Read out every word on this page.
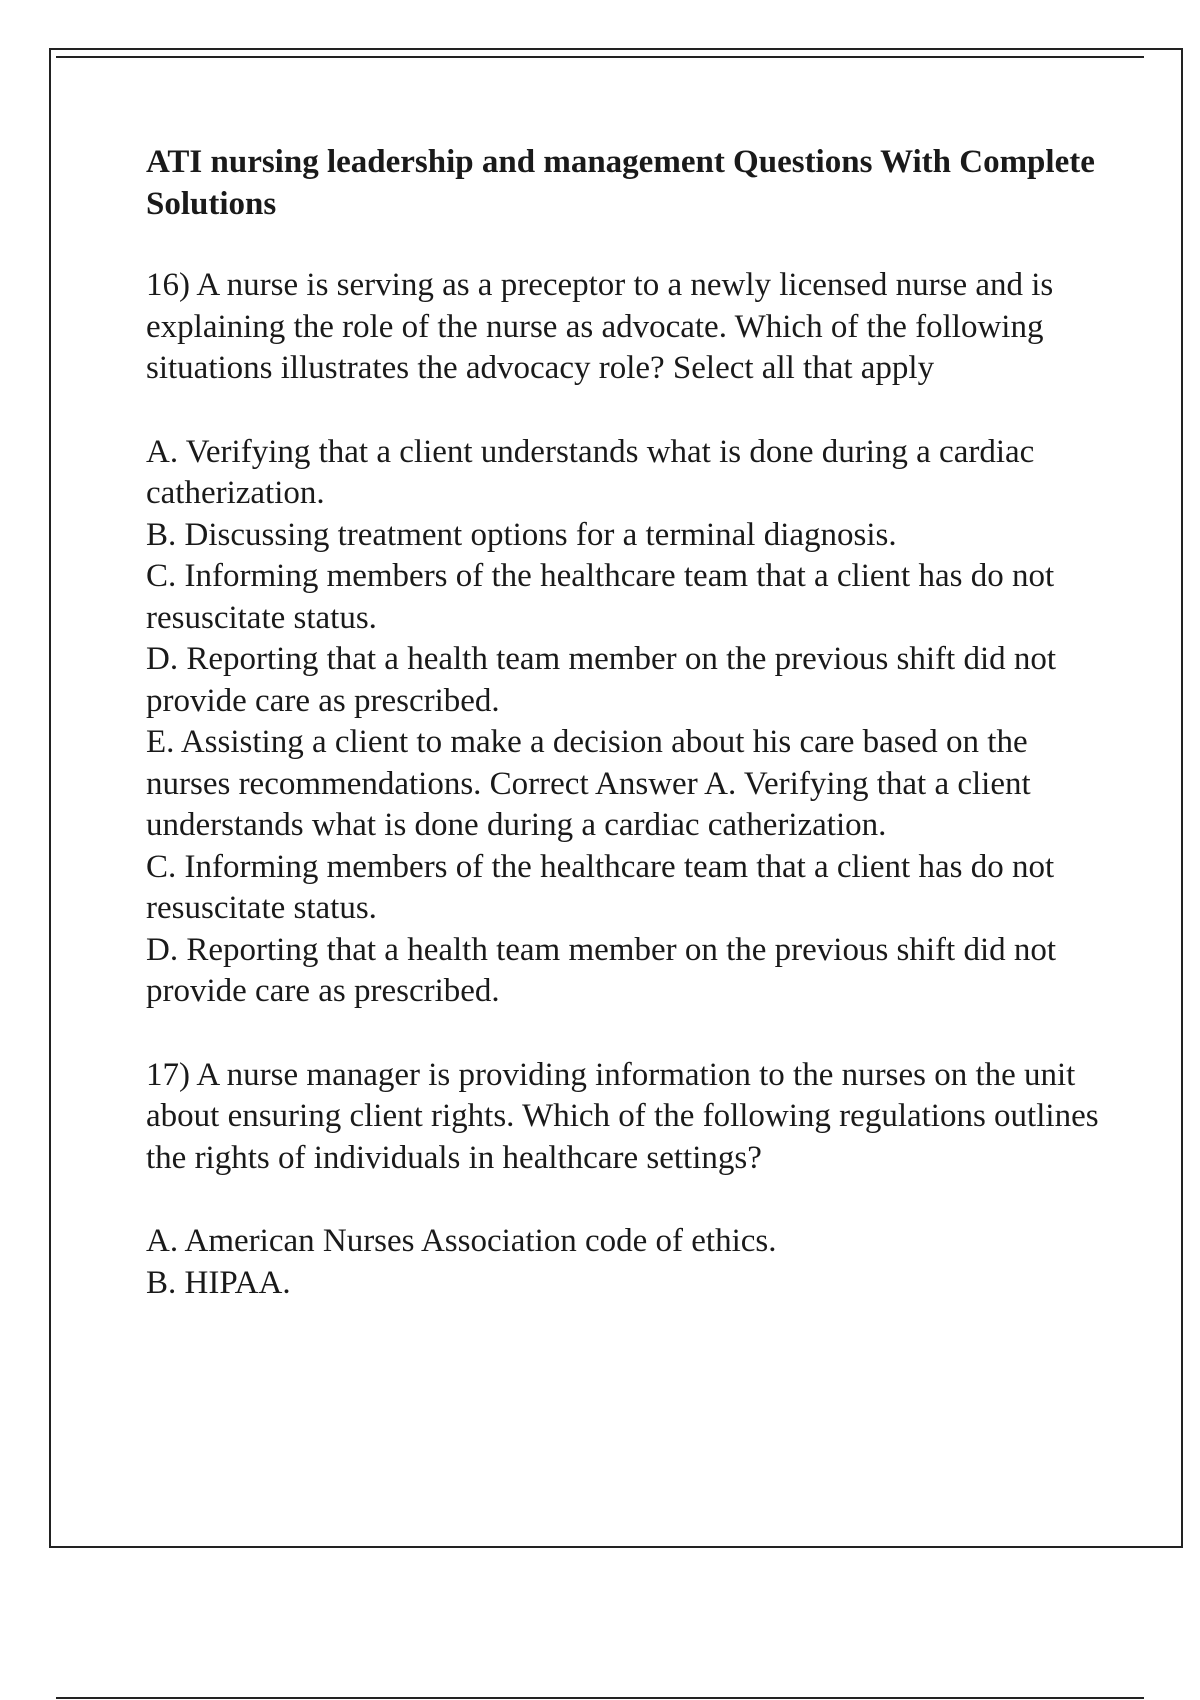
ATI nursing leadership and management Questions With Complete Solutions
16) A nurse is serving as a preceptor to a newly licensed nurse and is explaining the role of the nurse as advocate. Which of the following situations illustrates the advocacy role? Select all that apply
A. Verifying that a client understands what is done during a cardiac catherization.
B. Discussing treatment options for a terminal diagnosis.
C. Informing members of the healthcare team that a client has do not resuscitate status.
D. Reporting that a health team member on the previous shift did not provide care as prescribed.
E. Assisting a client to make a decision about his care based on the nurses recommendations. Correct Answer A. Verifying that a client understands what is done during a cardiac catherization.
C. Informing members of the healthcare team that a client has do not resuscitate status.
D. Reporting that a health team member on the previous shift did not provide care as prescribed.
17) A nurse manager is providing information to the nurses on the unit about ensuring client rights. Which of the following regulations outlines the rights of individuals in healthcare settings?
A. American Nurses Association code of ethics.
B. HIPAA.
